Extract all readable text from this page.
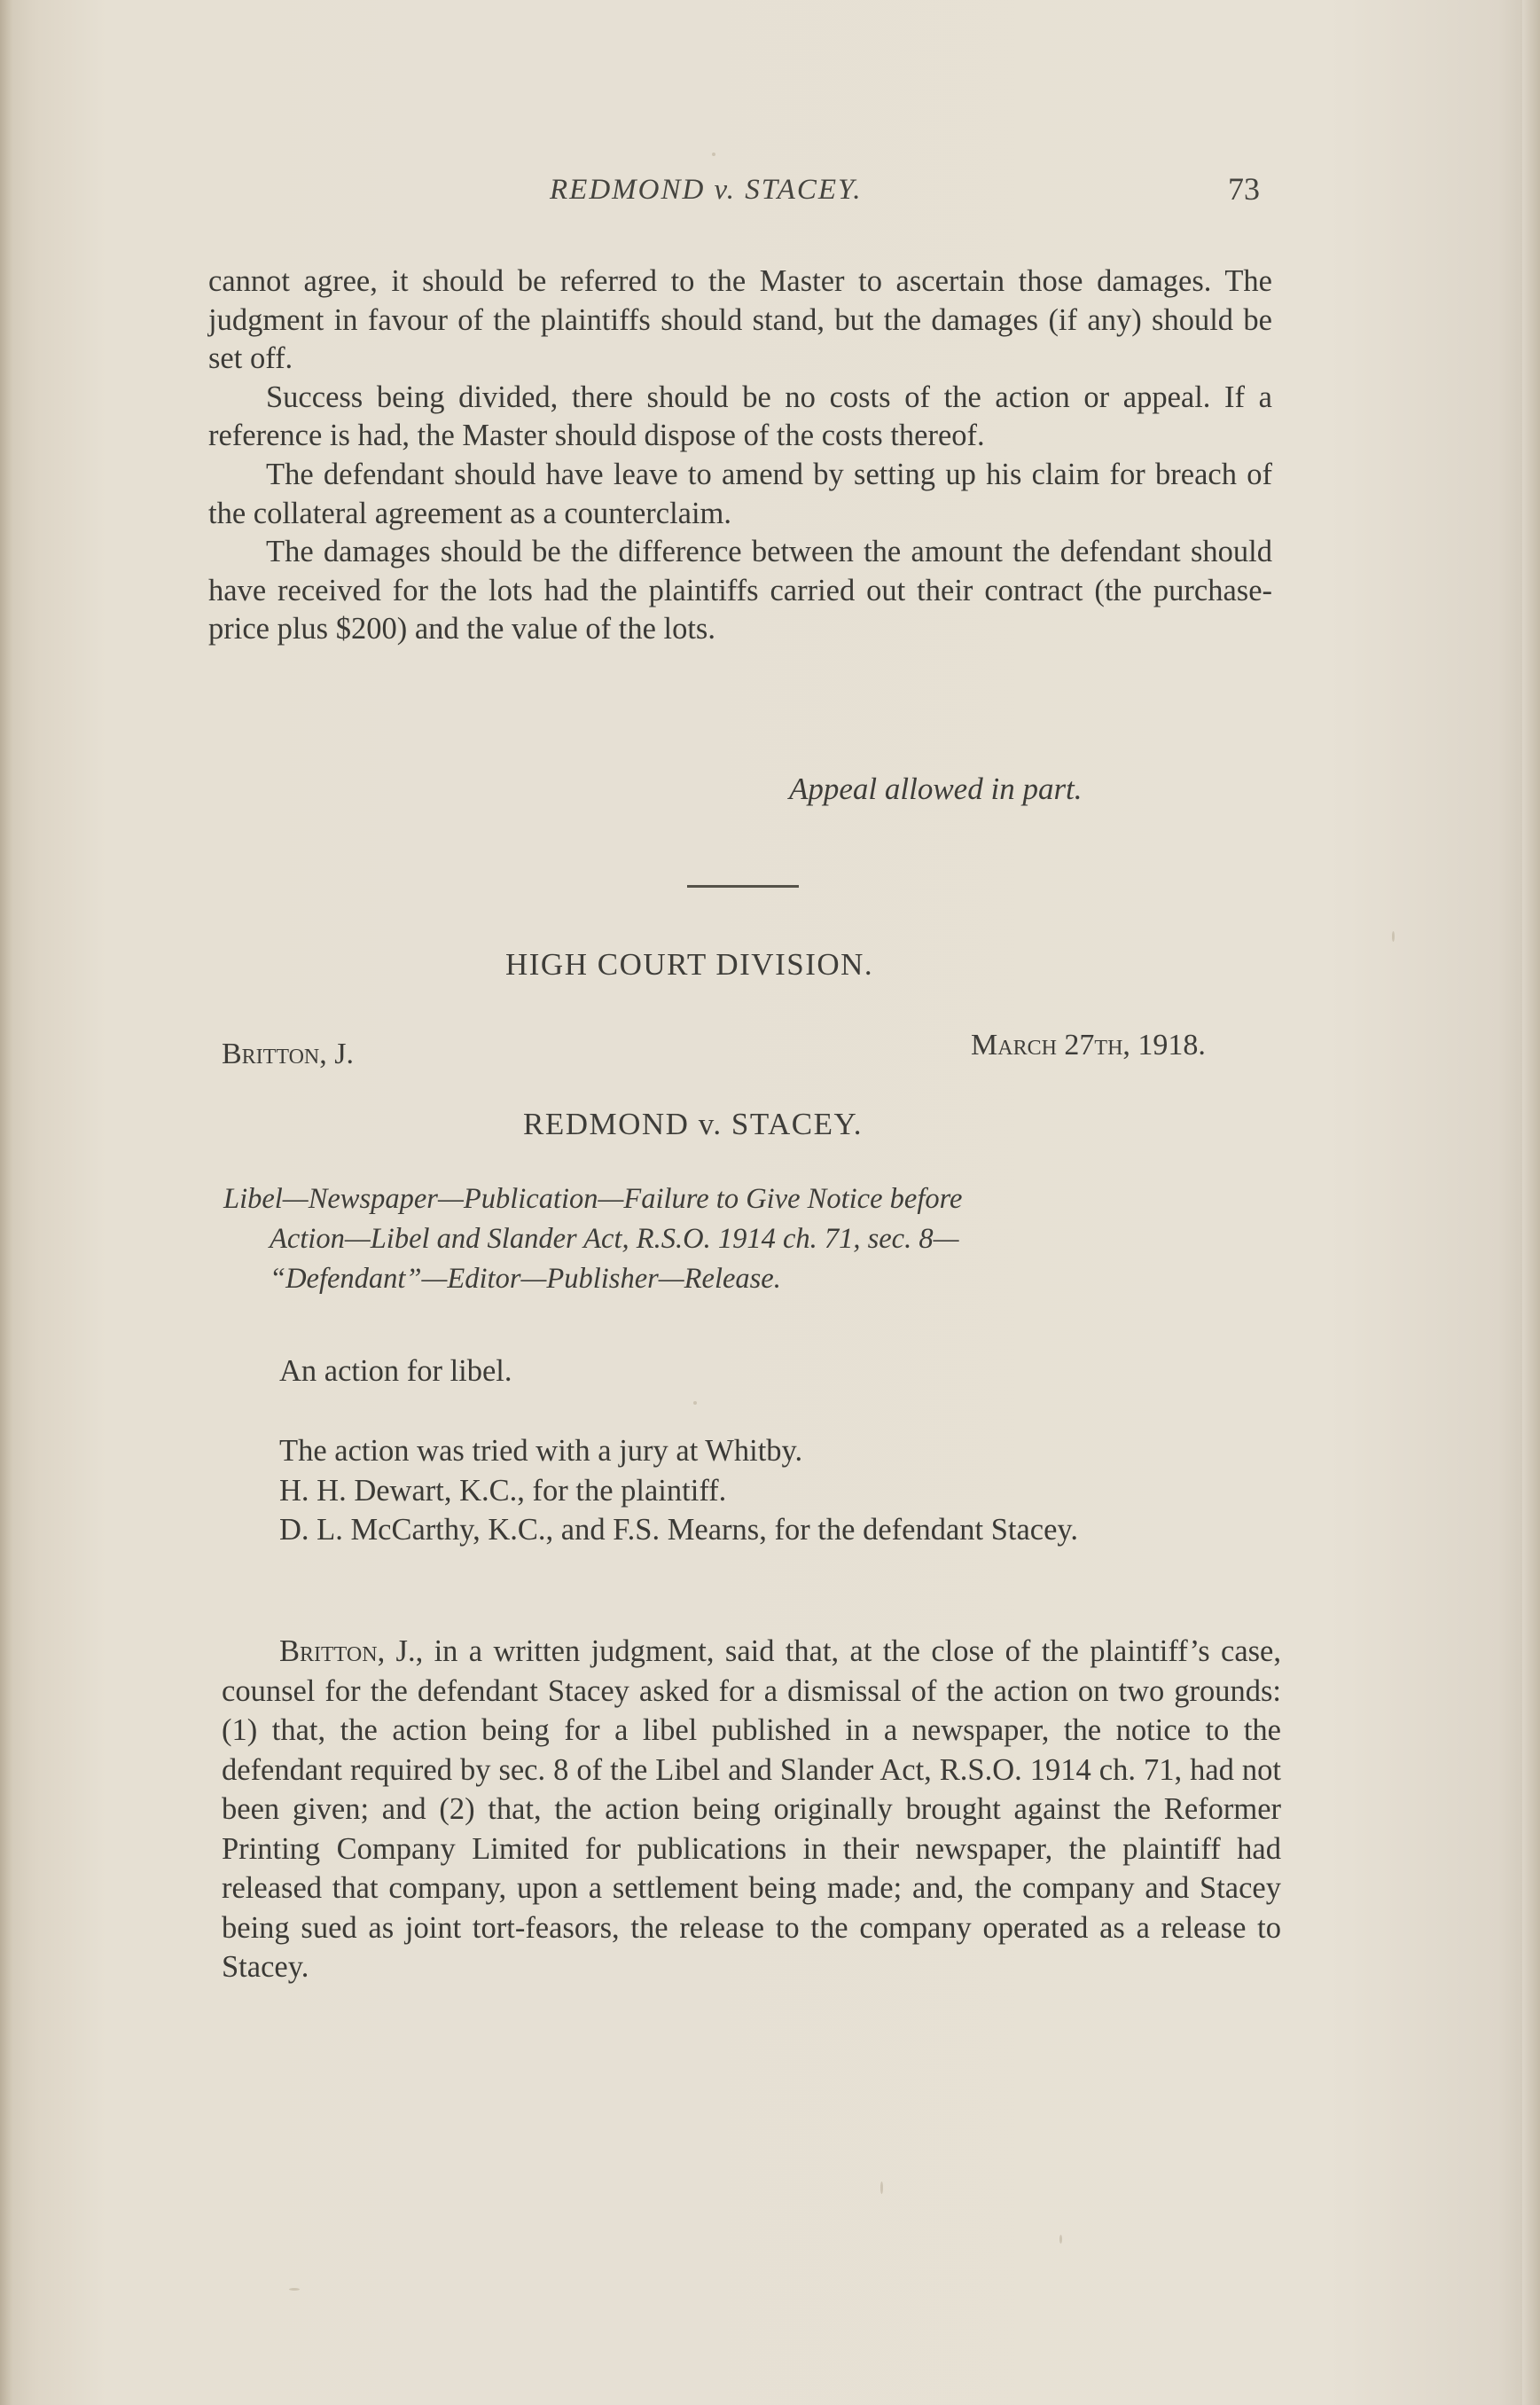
REDMOND v. STACEY.	73

cannot agree, it should be referred to the Master to ascertain those damages. The judgment in favour of the plaintiffs should stand, but the damages (if any) should be set off.

Success being divided, there should be no costs of the action or appeal. If a reference is had, the Master should dispose of the costs thereof.

The defendant should have leave to amend by setting up his claim for breach of the collateral agreement as a counterclaim.

The damages should be the difference between the amount the defendant should have received for the lots had the plaintiffs carried out their contract (the purchase-price plus $200) and the value of the lots.

Appeal allowed in part.
HIGH COURT DIVISION.
Britton, J.	March 27th, 1918.
REDMOND v. STACEY.
Libel—Newspaper—Publication—Failure to Give Notice before
Action—Libel and Slander Act, R.S.O. 1914 ch. 71, sec. 8—
“Defendant”—Editor—Publisher—Release.

An action for libel.

The action was tried with a jury at Whitby.

H. H. Dewart, K.C., for the plaintiff.

D. L. McCarthy, K.C., and F.S. Mearns, for the defendant Stacey.

Britton, J., in a written judgment, said that, at the close of the plaintiff’s case, counsel for the defendant Stacey asked for a dismissal of the action on two grounds: (1) that, the action being for a libel published in a newspaper, the notice to the defendant required by sec. 8 of the Libel and Slander Act, R.S.O. 1914 ch. 71, had not been given; and (2) that, the action being originally brought against the Reformer Printing Company Limited for publications in their newspaper, the plaintiff had released that company, upon a settlement being made; and, the company and Stacey being sued as joint tort-feasors, the release to the company operated as a release to Stacey.
